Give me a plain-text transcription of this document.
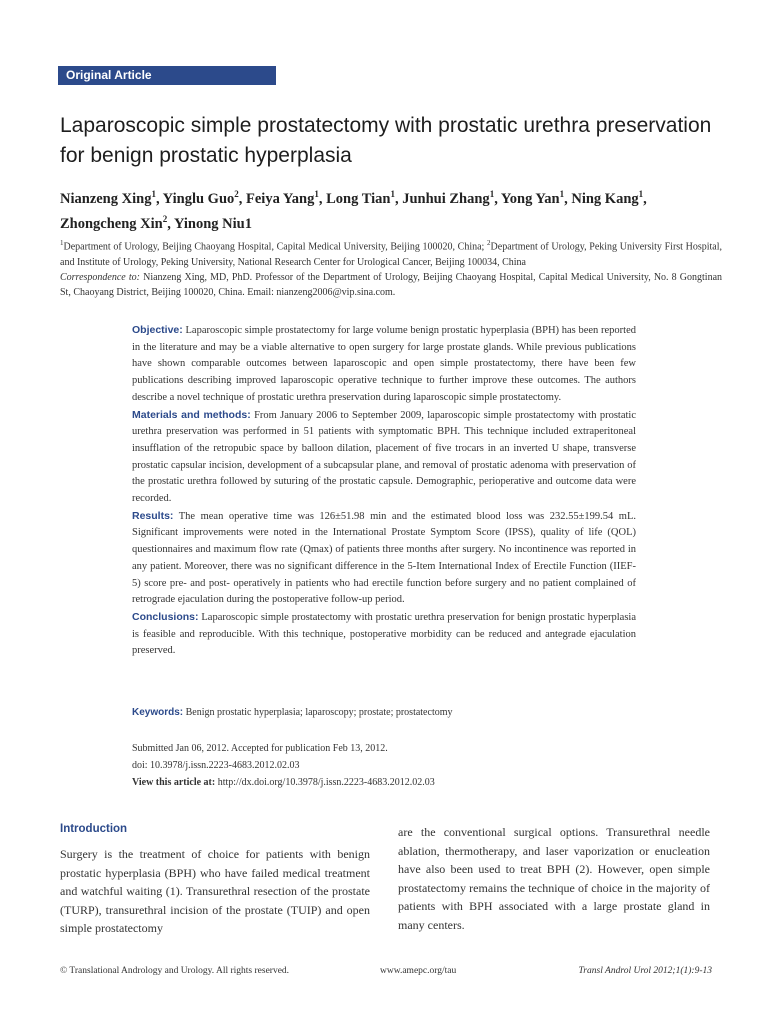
Original Article
Laparoscopic simple prostatectomy with prostatic urethra preservation for benign prostatic hyperplasia
Nianzeng Xing$^1$, Yinglu Guo$^2$, Feiya Yang$^1$, Long Tian$^1$, Junhui Zhang$^1$, Yong Yan$^1$, Ning Kang$^1$, Zhongcheng Xin$^2$, Yinong Niu1
$^1$Department of Urology, Beijing Chaoyang Hospital, Capital Medical University, Beijing 100020, China; $^2$Department of Urology, Peking University First Hospital, and Institute of Urology, Peking University, National Research Center for Urological Cancer, Beijing 100034, China
Correspondence to: Nianzeng Xing, MD, PhD. Professor of the Department of Urology, Beijing Chaoyang Hospital, Capital Medical University, No. 8 Gongtinan St, Chaoyang District, Beijing 100020, China. Email: nianzeng2006@vip.sina.com.

Objective: Laparoscopic simple prostatectomy for large volume benign prostatic hyperplasia (BPH) has been reported in the literature and may be a viable alternative to open surgery for large prostate glands. While previous publications have shown comparable outcomes between laparoscopic and open simple prostatectomy, there have been few publications describing improved laparoscopic operative technique to further improve these outcomes. The authors describe a novel technique of prostatic urethra preservation during laparoscopic simple prostatectomy.

Materials and methods: From January 2006 to September 2009, laparoscopic simple prostatectomy with prostatic urethra preservation was performed in 51 patients with symptomatic BPH. This technique included extraperitoneal insufflation of the retropubic space by balloon dilation, placement of five trocars in an inverted U shape, transverse prostatic capsular incision, development of a subcapsular plane, and removal of prostatic adenoma with preservation of the prostatic urethra followed by suturing of the prostatic capsule. Demographic, perioperative and outcome data were recorded.

Results: The mean operative time was 126±51.98 min and the estimated blood loss was 232.55±199.54 mL. Significant improvements were noted in the International Prostate Symptom Score (IPSS), quality of life (QOL) questionnaires and maximum flow rate (Qmax) of patients three months after surgery. No incontinence was reported in any patient. Moreover, there was no significant difference in the 5-Item International Index of Erectile Function (IIEF-5) score pre- and post- operatively in patients who had erectile function before surgery and no patient complained of retrograde ejaculation during the postoperative follow-up period.

Conclusions: Laparoscopic simple prostatectomy with prostatic urethra preservation for benign prostatic hyperplasia is feasible and reproducible. With this technique, postoperative morbidity can be reduced and antegrade ejaculation preserved.

Keywords: Benign prostatic hyperplasia; laparoscopy; prostate; prostatectomy
Submitted Jan 06, 2012. Accepted for publication Feb 13, 2012.
doi: 10.3978/j.issn.2223-4683.2012.02.03
View this article at: http://dx.doi.org/10.3978/j.issn.2223-4683.2012.02.03
Introduction

Surgery is the treatment of choice for patients with benign prostatic hyperplasia (BPH) who have failed medical treatment and watchful waiting (1). Transurethral resection of the prostate (TURP), transurethral incision of the prostate (TUIP) and open simple prostatectomy

are the conventional surgical options. Transurethral needle ablation, thermotherapy, and laser vaporization or enucleation have also been used to treat BPH (2). However, open simple prostatectomy remains the technique of choice in the majority of patients with BPH associated with a large prostate gland in many centers.

© Translational Andrology and Urology. All rights reserved.	www.amepc.org/tau	Transl Androl Urol 2012;1(1):9-13
